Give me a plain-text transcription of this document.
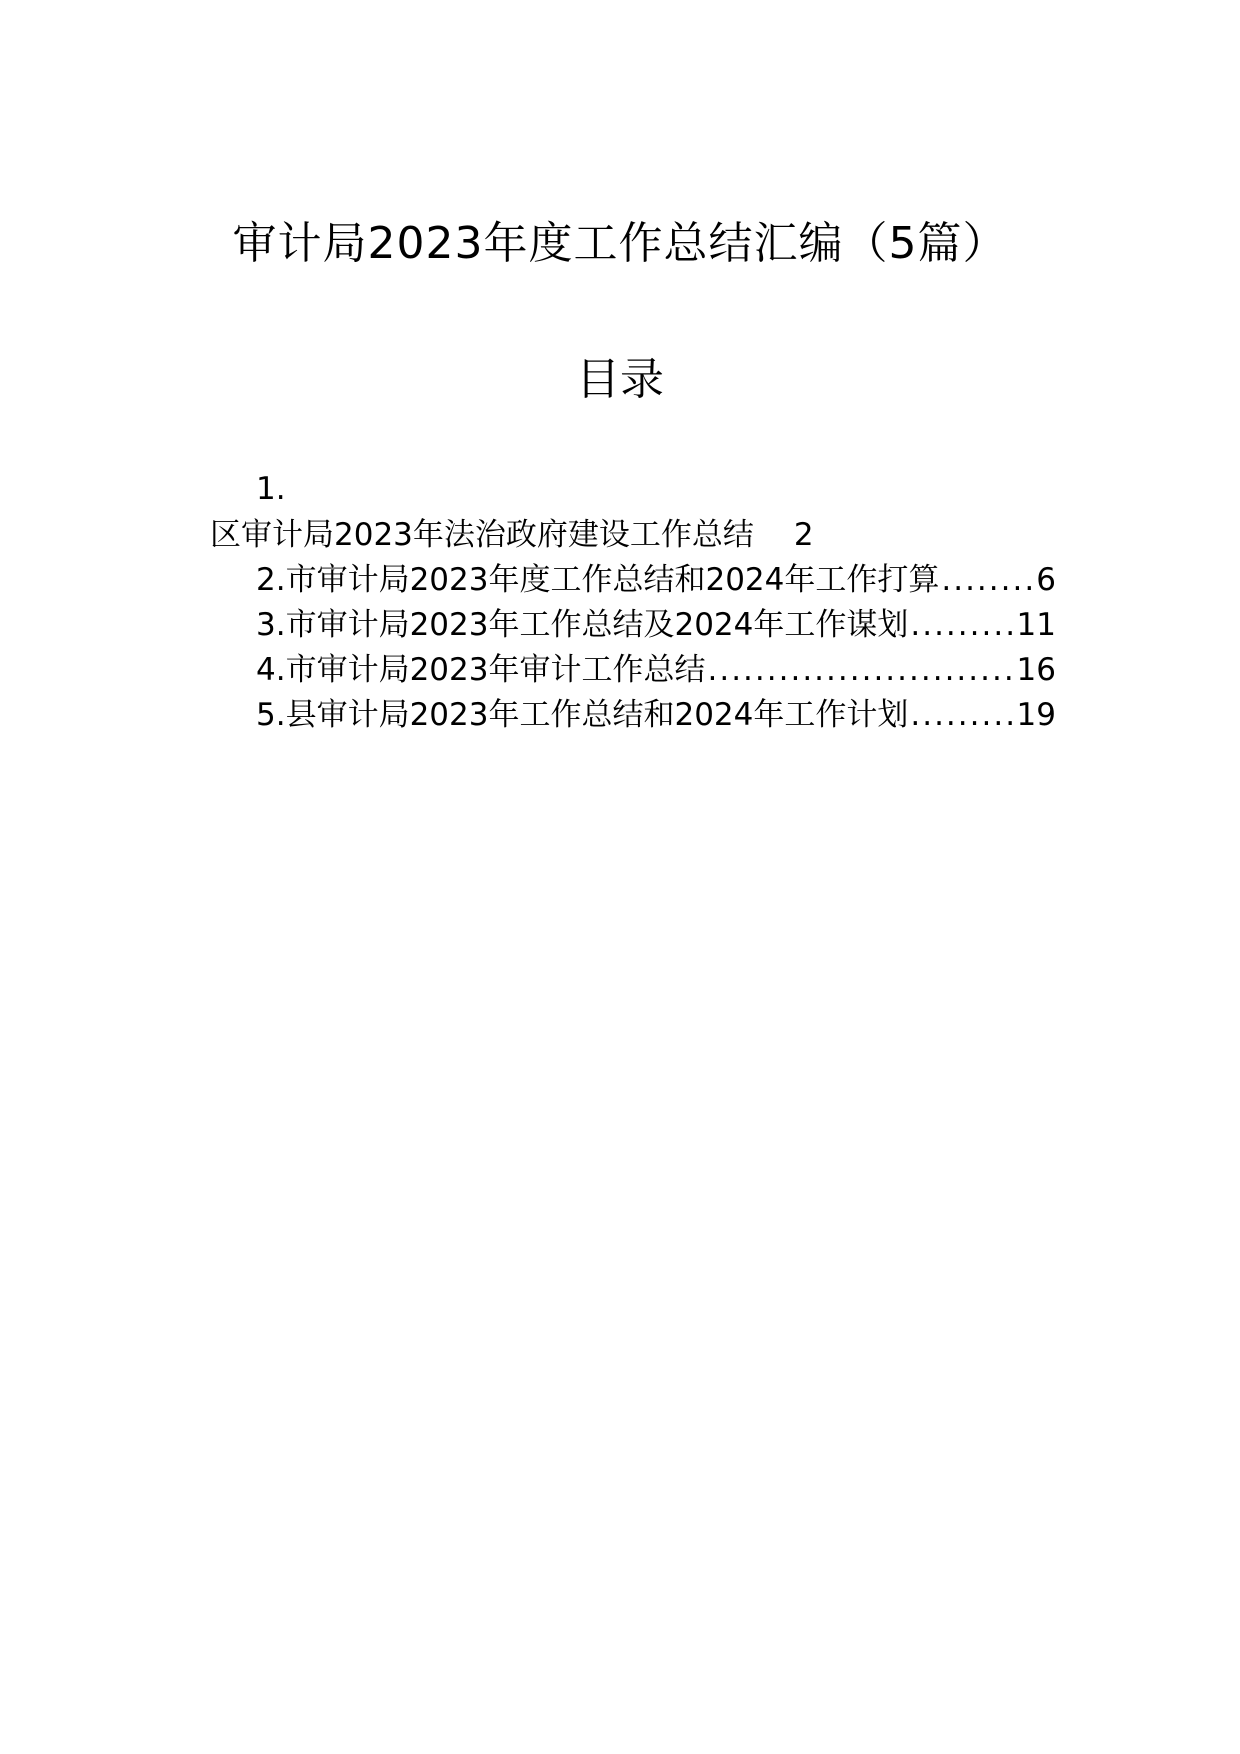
审计局2023年度工作总结汇编（5篇）
目录
1.
区审计局2023年法治政府建设工作总结 2
2. 市审计局2023年度工作总结和2024年工作打算 .....	6
3. 市审计局2023年工作总结及2024年工作谋划 .....	11
4. 市审计局2023年审计工作总结 .....	16
5. 县审计局2023年工作总结和2024年工作计划 .....	19
